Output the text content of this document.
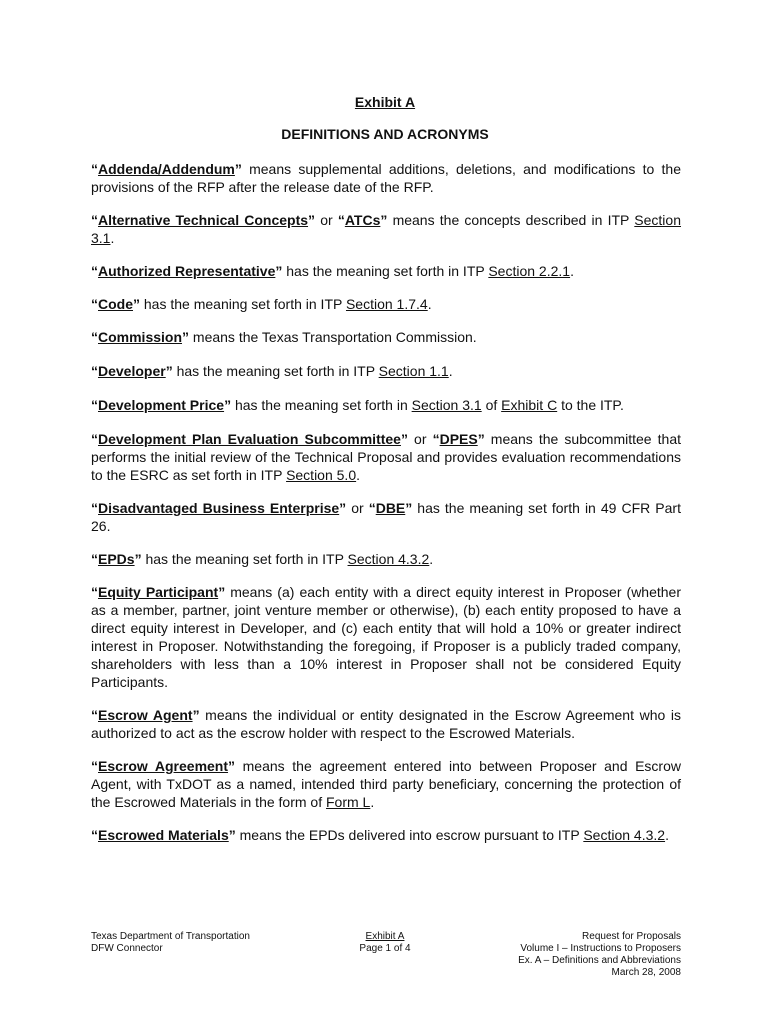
Exhibit A
DEFINITIONS AND ACRONYMS

“Addenda/Addendum” means supplemental additions, deletions, and modifications to the provisions of the RFP after the release date of the RFP.

“Alternative Technical Concepts” or “ATCs” means the concepts described in ITP Section 3.1.

“Authorized Representative” has the meaning set forth in ITP Section 2.2.1.

“Code” has the meaning set forth in ITP Section 1.7.4.

“Commission” means the Texas Transportation Commission.

“Developer” has the meaning set forth in ITP Section 1.1.

“Development Price” has the meaning set forth in Section 3.1 of Exhibit C to the ITP.

“Development Plan Evaluation Subcommittee” or “DPES” means the subcommittee that performs the initial review of the Technical Proposal and provides evaluation recommendations to the ESRC as set forth in ITP Section 5.0.

“Disadvantaged Business Enterprise” or “DBE” has the meaning set forth in 49 CFR Part 26.

“EPDs” has the meaning set forth in ITP Section 4.3.2.

“Equity Participant” means (a) each entity with a direct equity interest in Proposer (whether as a member, partner, joint venture member or otherwise), (b) each entity proposed to have a direct equity interest in Developer, and (c) each entity that will hold a 10% or greater indirect interest in Proposer. Notwithstanding the foregoing, if Proposer is a publicly traded company, shareholders with less than a 10% interest in Proposer shall not be considered Equity Participants.

“Escrow Agent” means the individual or entity designated in the Escrow Agreement who is authorized to act as the escrow holder with respect to the Escrowed Materials.

“Escrow Agreement” means the agreement entered into between Proposer and Escrow Agent, with TxDOT as a named, intended third party beneficiary, concerning the protection of the Escrowed Materials in the form of Form L.

“Escrowed Materials” means the EPDs delivered into escrow pursuant to ITP Section 4.3.2.

Texas Department of Transportation
DFW Connector
Exhibit A
Page 1 of 4
Request for Proposals
Volume I – Instructions to Proposers
Ex. A – Definitions and Abbreviations
March 28, 2008
